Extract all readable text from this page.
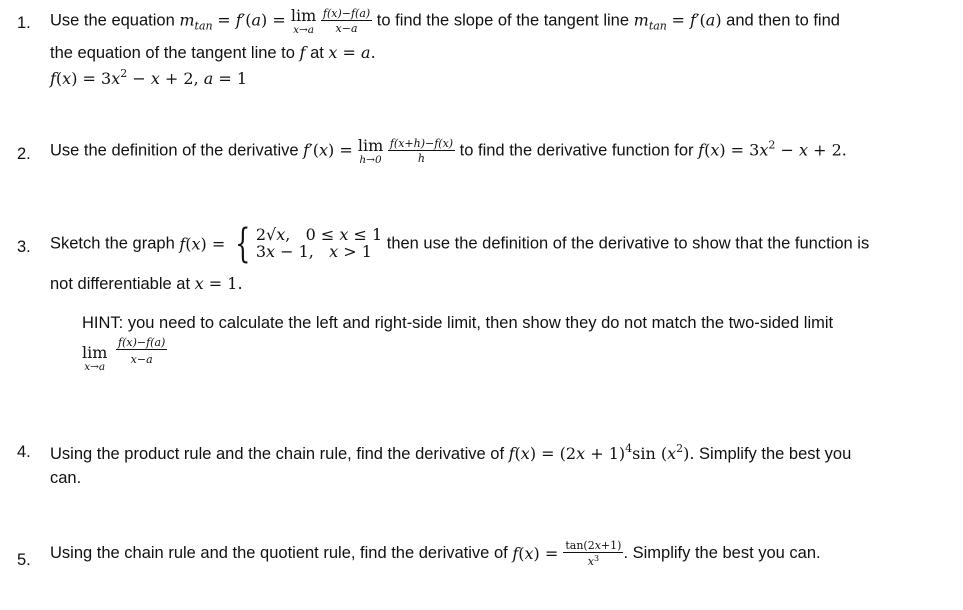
1. Use the equation $m_{tan} = f'(a) = \lim$
x→a
$\frac{f(x)-f(a)}{x-a}$ to find the slope of the tangent line $m_{tan} = f'(a)$ and then to find
the equation of the tangent line to f at x = a.
$f(x) = 3x^2 - x + 2$, a = 1
2. Use the definition of the derivative f′(x) = lim
h→0
$\frac{f(x+h)-f(x)}{h}$ to find the derivative function for $f(x) = 3x^2 - x + 2$.
3. Sketch the graph f(x) = { 2√x,   0 ≤ x ≤ 1
3x − 1,   x > 1 then use the definition of the derivative to show that the function is
not differentiable at x = 1.
HINT: you need to calculate the left and right-side limit, then show they do not match the two-sided limit
lim
x→a

$\frac{f(x)-f(a)}{x-a}$
4. Using the product rule and the chain rule, find the derivative of $f(x) = (2x + 1)^4\sin$ $(x^2)$. Simplify the best you
can.
5. Using the chain rule and the quotient rule, find the derivative of $f(x) = \frac{\tan(2x+1)}{x^3}$ . Simplify the best you can.
